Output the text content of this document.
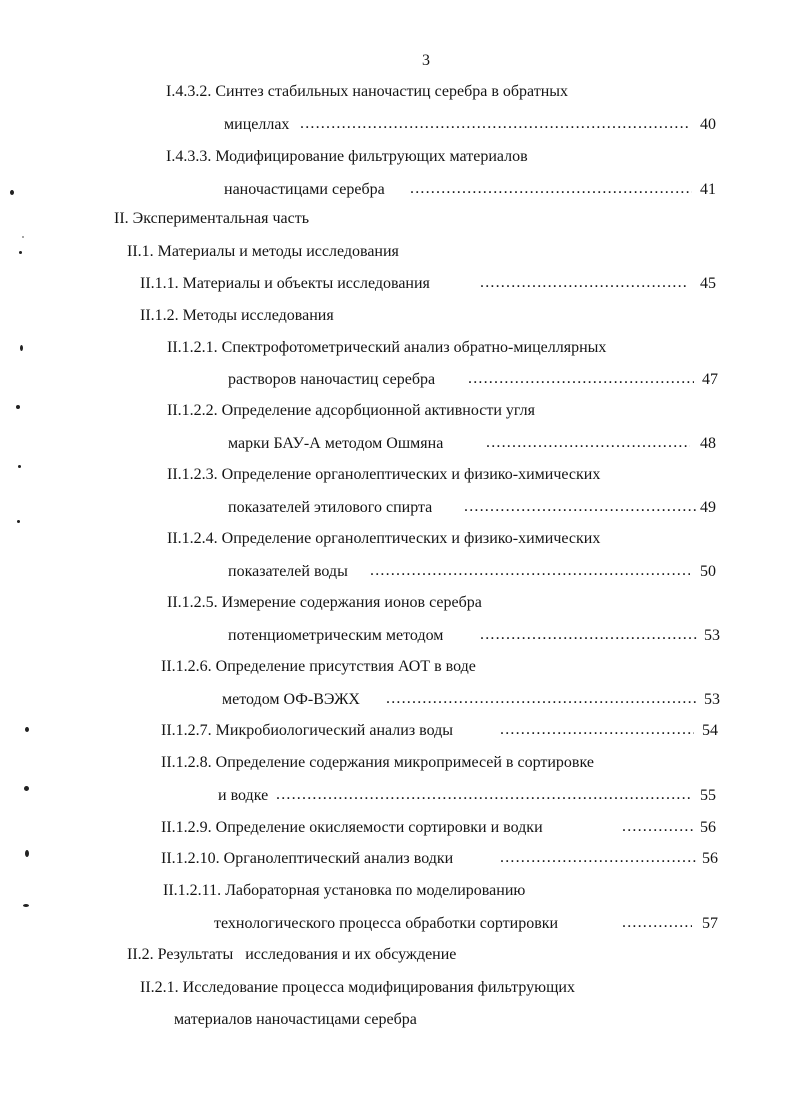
3
I.4.3.2. Синтез стабильных наночастиц серебра в обратных
мицеллах .....	40
I.4.3.3. Модифицирование фильтрующих материалов
наночастицами серебра .....	41
II. Экспериментальная часть
II.1. Материалы и методы исследования
II.1.1. Материалы и объекты исследования .....	45
II.1.2. Методы исследования
II.1.2.1. Спектрофотометрический анализ обратно-мицеллярных
растворов наночастиц серебра .....	47
II.1.2.2. Определение адсорбционной активности угля
марки БАУ-А методом Ошмяна .....	48
II.1.2.3. Определение органолептических и физико-химических
показателей этилового спирта .....	49
II.1.2.4. Определение органолептических и физико-химических
показателей воды .....	50
II.1.2.5. Измерение содержания ионов серебра
потенциометрическим методом .....	53
II.1.2.6. Определение присутствия АОТ в воде
методом ОФ-ВЭЖХ .....	53
II.1.2.7. Микробиологический анализ воды .....	54
II.1.2.8. Определение содержания микропримесей в сортировке
и водке .....	55
II.1.2.9. Определение окисляемости сортировки и водки .....	56
II.1.2.10. Органолептический анализ водки .....	56
II.1.2.11. Лабораторная установка по моделированию
технологического процесса обработки сортировки .....	57
II.2. Результаты   исследования и их обсуждение
II.2.1. Исследование процесса модифицирования фильтрующих
материалов наночастицами серебра
